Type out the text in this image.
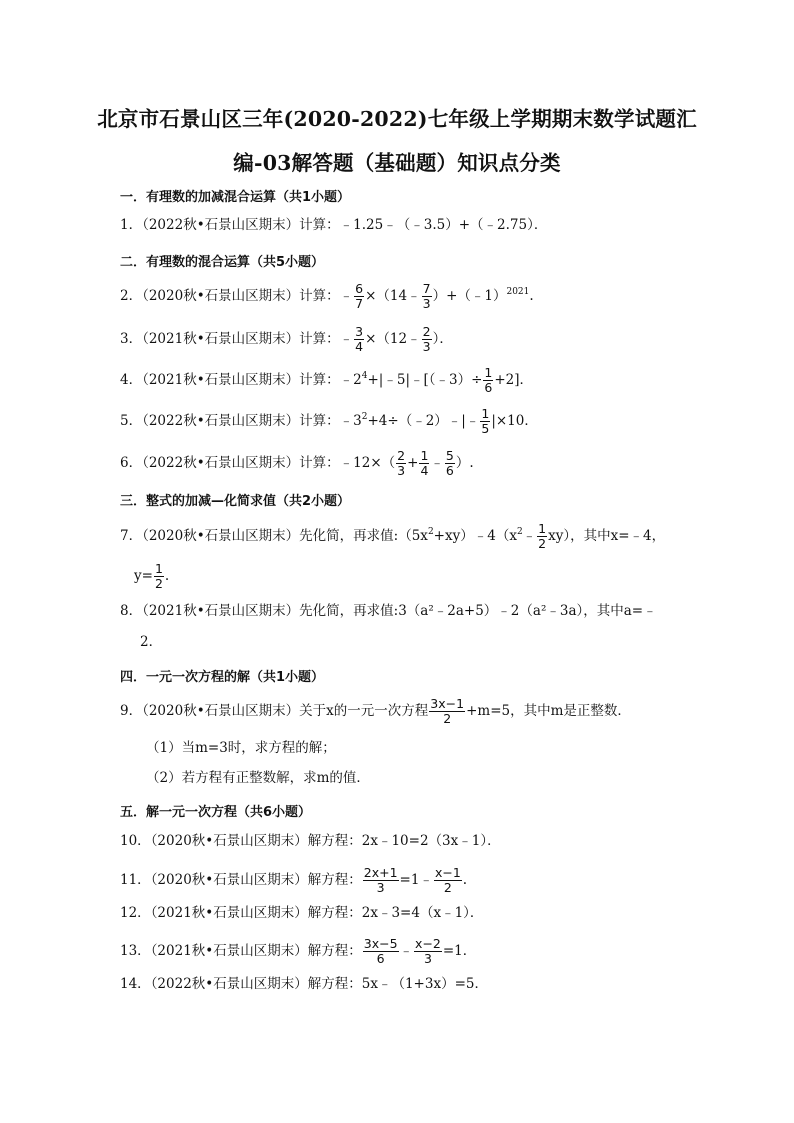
北京市石景山区三年(2020-2022)七年级上学期期末数学试题汇
编-03解答题（基础题）知识点分类
一．有理数的加减混合运算（共1小题）
1．（2022秋•石景山区期末）计算：﹣1.25﹣（﹣3.5）+（﹣2.75）．
二．有理数的混合运算（共5小题）
2．（2020秋•石景山区期末）计算：﹣ $\frac{6}{7}$ ×（14﹣ $\frac{7}{3}$ ）+（﹣1）$^{2021}$.
3．（2021秋•石景山区期末）计算：﹣ $\frac{3}{4}$ ×（12﹣ $\frac{2}{3}$ ）．
4．（2021秋•石景山区期末）计算：$﹣2^4+|﹣5|﹣[(﹣3)\div \frac{1}{6} +2]$．
5．（2022秋•石景山区期末）计算：$﹣3^2+4\div(﹣2)﹣|﹣ \frac{1}{5} |\times 10$．
6．（2022秋•石景山区期末）计算：﹣12×（ $\frac{2}{3} + \frac{1}{4}$ ﹣ $\frac{5}{6}$ ）.
三．整式的加减—化简求值（共2小题）
7．（2020秋•石景山区期末）先化简，再求值$:(5x^2+xy)﹣4(x^2﹣ \frac{1}{2} xy)$，其中x=﹣4，
$y= \frac{1}{2}$ .
8．（2021秋•石景山区期末）先化简，再求值:3（a²﹣2a+5）﹣2（a²﹣3a），其中a=﹣
2．
四．一元一次方程的解（共1小题）
9．（2020秋•石景山区期末）关于x的一元一次方程 $\frac{3x-1}{2} +m=5$，其中m是正整数．
（1）当m=3时，求方程的解；
（2）若方程有正整数解，求m的值．
五．解一元一次方程（共6小题）
10．（2020秋•石景山区期末）解方程：2x﹣10=2（3x﹣1）．
11．（2020秋•石景山区期末）解方程： $\frac{2x+1}{3}$ =1﹣ $\frac{x-1}{2}$ .
12．（2021秋•石景山区期末）解方程：2x﹣3=4（x﹣1）．
13．（2021秋•石景山区期末）解方程： $\frac{3x-5}{6}$ ﹣ $\frac{x-2}{3} =1$．
14．（2022秋•石景山区期末）解方程：5x﹣（1+3x）=5．
